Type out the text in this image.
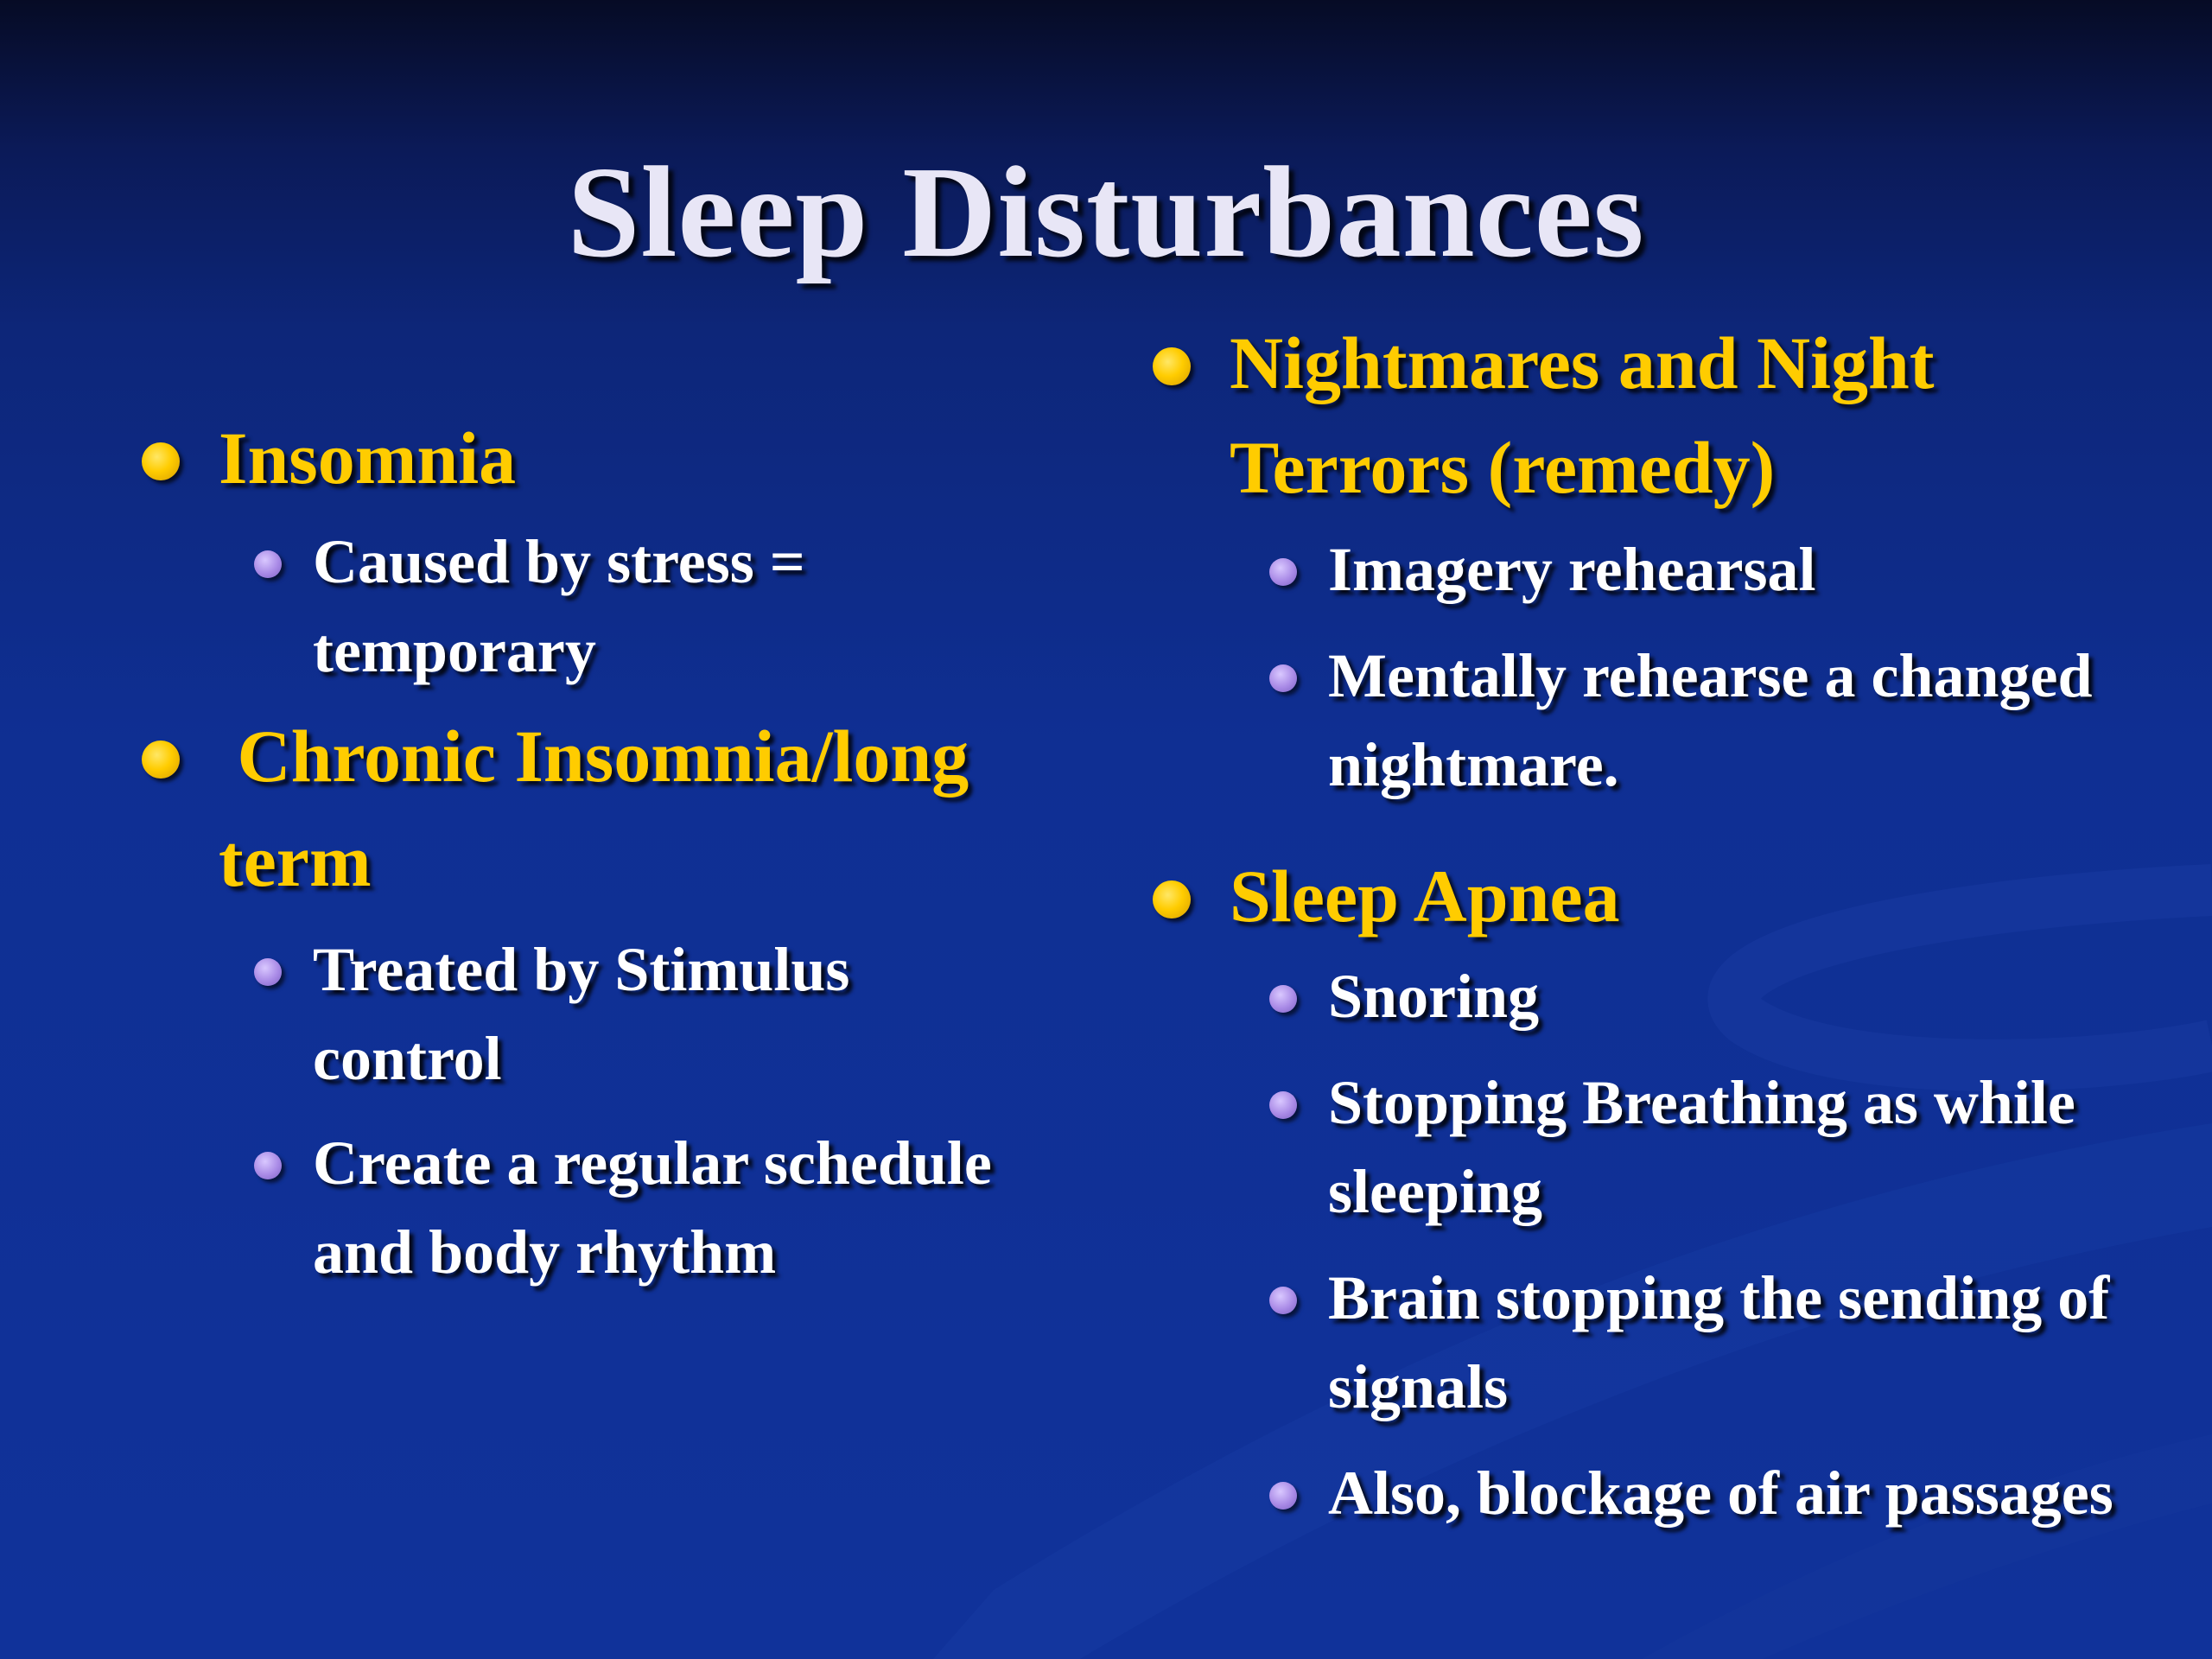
Sleep Disturbances
Insomnia
Caused by stress = temporary
Chronic Insomnia/long term
Treated by Stimulus control
Create a regular schedule and body rhythm
Nightmares and Night Terrors (remedy)
Imagery rehearsal
Mentally rehearse a changed nightmare.
Sleep Apnea
Snoring
Stopping Breathing as while sleeping
Brain stopping the sending of signals
Also, blockage of air passages
